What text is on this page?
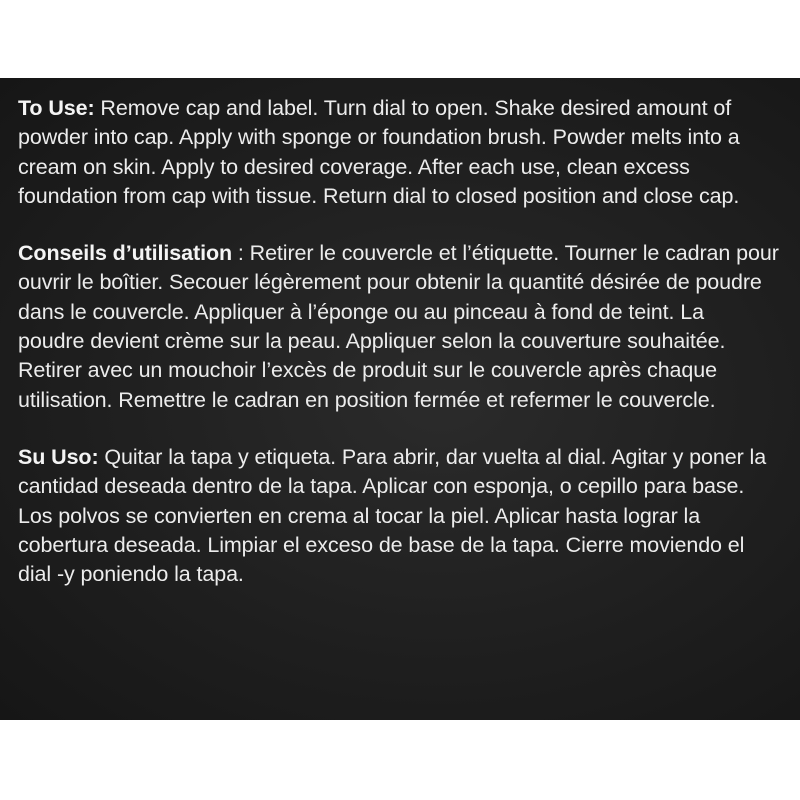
To Use: Remove cap and label. Turn dial to open. Shake desired amount of
powder into cap. Apply with sponge or foundation brush. Powder melts into a
cream on skin. Apply to desired coverage. After each use, clean excess
foundation from cap with tissue. Return dial to closed position and close cap.
Conseils d’utilisation : Retirer le couvercle et l’étiquette. Tourner le cadran pour
ouvrir le boîtier. Secouer légèrement pour obtenir la quantité désirée de poudre
dans le couvercle. Appliquer à l’éponge ou au pinceau à fond de teint. La
poudre devient crème sur la peau. Appliquer selon la couverture souhaitée.
Retirer avec un mouchoir l’excès de produit sur le couvercle après chaque
utilisation. Remettre le cadran en position fermée et refermer le couvercle.
Su Uso: Quitar la tapa y etiqueta. Para abrir, dar vuelta al dial. Agitar y poner la
cantidad deseada dentro de la tapa. Aplicar con esponja, o cepillo para base.
Los polvos se convierten en crema al tocar la piel. Aplicar hasta lograr la
cobertura deseada. Limpiar el exceso de base de la tapa. Cierre moviendo el
dial -y poniendo la tapa.
